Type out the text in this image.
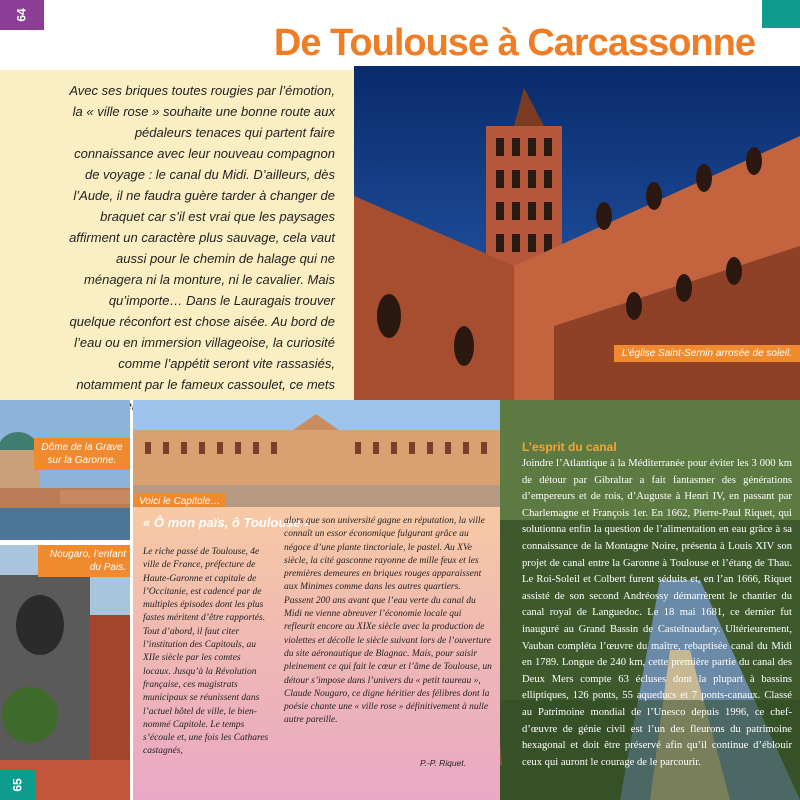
64
De Toulouse à Carcassonne

Avec ses briques toutes rougies par l’émotion, la « ville rose » souhaite une bonne route aux pédaleurs tenaces qui partent faire connaissance avec leur nouveau compagnon de voyage : le canal du Midi. D’ailleurs, dès l’Aude, il ne faudra guère tarder à changer de braquet car s’il est vrai que les paysages affirment un caractère plus sauvage, cela vaut aussi pour le chemin de halage qui ne ménagera ni la monture, ni le cavalier. Mais qu’importe… Dans le Lauragais trouver quelque réconfort est chose aisée. Au bord de l’eau ou en immersion villageoise, la curiosité comme l’appétit seront vite rassasiés, notamment par le fameux cassoulet, ce mets

L’église Saint-Sernin arrosée de soleil.
Dôme de la Grave sur la Garonne.
Nougaro, l’enfant du Pais.
65
Voici le Capitole…
« Ô mon païs, ô Toulouse »

Le riche passé de Toulouse, 4e ville de France, préfecture de Haute-Garonne et capitale de l’Occitanie, est cadencé par de multiples épisodes dont les plus fastes méritent d’être rapportés. Tout d’abord, il faut citer l’institution des Capitouls, au XIIe siècle par les comtes locaux. Jusqu’à la Révolution française, ces magistrats municipaux se réunissent dans l’actuel hôtel de ville, le bien-nommé Capitole. Le temps s’écoule et, une fois les Cathares castagnés,

alors que son université gagne en réputation, la ville connaît un essor économique fulgurant grâce au négoce d’une plante tinctoriale, le pastel. Au XVe siècle, la cité gasconne rayonne de mille feux et les premières demeures en briques rouges apparaissent aux Minimes comme dans les autres quartiers. Passent 200 ans avant que l’eau verte du canal du Midi ne vienne abreuver l’économie locale qui refleurit encore au XIXe siècle avec la production de violettes et décolle le siècle suivant lors de l’ouverture du site aéronautique de Blagnac. Mais, pour saisir pleinement ce qui fait le cœur et l’âme de Toulouse, un détour s’impose dans l’univers du « petit taureau », Claude Nougaro, ce digne héritier des félibres dont la poésie chante une « ville rose » définitivement à nulle autre pareille.

P.-P. Riquet.
L’esprit du canal

Joindre l’Atlantique à la Méditerranée pour éviter les 3 000 km de détour par Gibraltar a fait fantasmer des générations d’empereurs et de rois, d’Auguste à Henri IV, en passant par Charlemagne et François 1er. En 1662, Pierre-Paul Riquet, qui solutionna enfin la question de l’alimentation en eau grâce à sa connaissance de la Montagne Noire, présenta à Louis XIV son projet de canal entre la Garonne à Toulouse et l’étang de Thau. Le Roi-Soleil et Colbert furent séduits et, en l’an 1666, Riquet assisté de son second Andréossy démarrèrent le chantier du canal royal de Languedoc. Le 18 mai 1681, ce dernier fut inauguré au Grand Bassin de Castelnaudary. Ultérieurement, Vauban compléta l’œuvre du maître, rebaptisée canal du Midi en 1789. Longue de 240 km, cette première partie du canal des Deux Mers compte 63 écluses dont la plupart à bassins elliptiques, 126 ponts, 55 aqueducs et 7 ponts-canaux. Classé au Patrimoine mondial de l’Unesco depuis 1996, ce chef-d’œuvre de génie civil est l’un des fleurons du patrimoine hexagonal et doit être préservé afin qu’il continue d’éblouir ceux qui auront le courage de le parcourir.
